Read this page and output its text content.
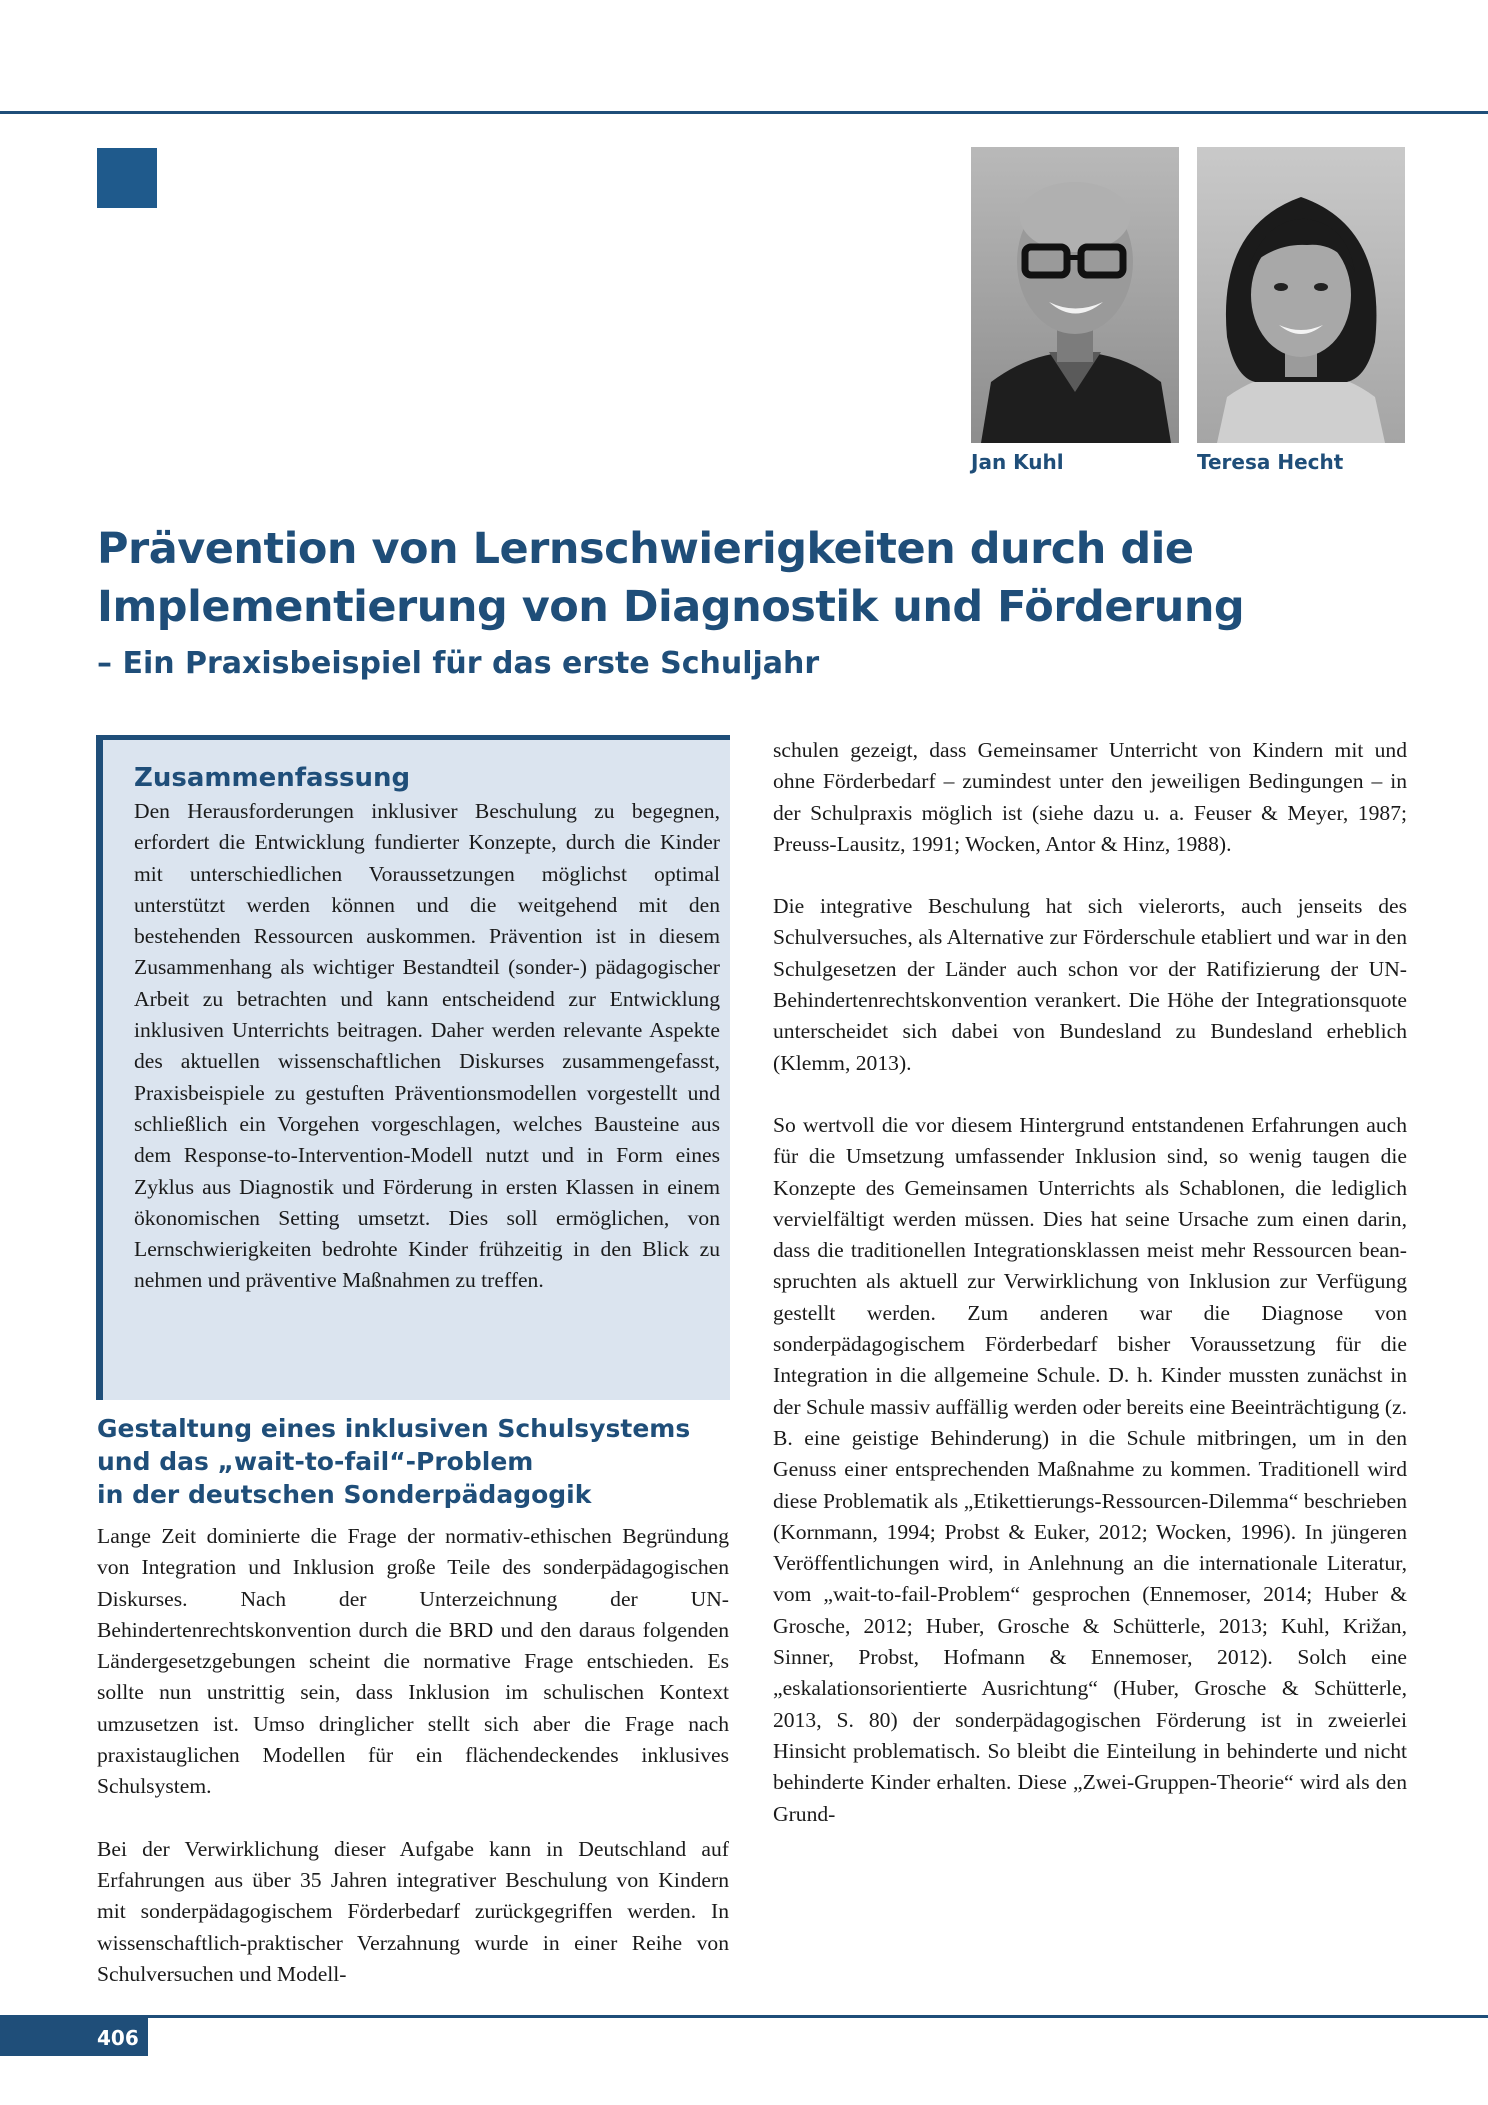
Jan Kuhl	Teresa Hecht
Prävention von Lernschwierigkeiten durch die Implementierung von Diagnostik und Förderung
– Ein Praxisbeispiel für das erste Schuljahr
Zusammenfassung

Den Herausforderungen inklusiver Beschulung zu begegnen, erfordert die Entwicklung fundierter Konzepte, durch die Kinder mit unterschiedlichen Voraussetzungen möglichst optimal unterstützt werden können und die weitgehend mit den bestehenden Ressourcen auskommen. Prävention ist in diesem Zusammenhang als wichtiger Bestandteil (sonder-) pädagogischer Arbeit zu betrachten und kann entscheidend zur Entwicklung inklusiven Unterrichts beitragen. Daher werden relevante Aspekte des aktuellen wissenschaftlichen Diskurses zusammengefasst, Praxisbeispiele zu gestuften Präventionsmodellen vorgestellt und schließlich ein Vorgehen vorgeschlagen, welches Bausteine aus dem Response-to-Intervention-Modell nutzt und in Form eines Zyklus aus Diagnostik und Förderung in ersten Klassen in einem ökonomischen Setting umsetzt. Dies soll ermöglichen, von Lernschwierigkeiten bedrohte Kinder frühzeitig in den Blick zu nehmen und präventive Maßnahmen zu treffen.

Gestaltung eines inklusiven Schulsystems
und das „wait-to-fail“-Problem
in der deutschen Sonderpädagogik

Lange Zeit dominierte die Frage der normativ-ethischen Begründung von Integration und Inklusion große Teile des sonderpädagogischen Diskurses. Nach der Unterzeichnung der UN-Behindertenrechtskonvention durch die BRD und den daraus folgenden Ländergesetzgebungen scheint die normative Frage entschieden. Es sollte nun unstrittig sein, dass Inklusion im schulischen Kontext umzusetzen ist. Umso dringlicher stellt sich aber die Frage nach praxistauglichen Modellen für ein flächendeckendes inklusives Schulsystem.

Bei der Verwirklichung dieser Aufgabe kann in Deutschland auf Erfahrungen aus über 35 Jahren integrativer Beschulung von Kindern mit sonderpädagogischem Förderbedarf zurückgegriffen werden. In wissenschaftlich-praktischer Verzahnung wurde in einer Reihe von Schulversuchen und Modell-

schulen gezeigt, dass Gemeinsamer Unterricht von Kindern mit und ohne Förderbedarf – zumindest unter den jeweiligen Bedingungen – in der Schulpraxis möglich ist (siehe dazu u. a. Feuser & Meyer, 1987; Preuss-Lausitz, 1991; Wocken, Antor & Hinz, 1988).

Die integrative Beschulung hat sich vielerorts, auch jenseits des Schulversuches, als Alternative zur Förderschule etabliert und war in den Schulgesetzen der Länder auch schon vor der Ratifizierung der UN-Behindertenrechtskonvention verankert. Die Höhe der Integrationsquote unterscheidet sich dabei von Bundesland zu Bundesland erheblich (Klemm, 2013).

So wertvoll die vor diesem Hintergrund entstandenen Erfahrungen auch für die Umsetzung umfassender Inklusion sind, so wenig taugen die Konzepte des Gemeinsamen Unterrichts als Schablonen, die lediglich vervielfältigt werden müssen. Dies hat seine Ursache zum einen darin, dass die traditionellen Integrationsklassen meist mehr Ressourcen beanspruchten als aktuell zur Verwirklichung von Inklusion zur Verfügung gestellt werden. Zum anderen war die Diagnose von sonderpädagogischem Förderbedarf bisher Voraussetzung für die Integration in die allgemeine Schule. D. h. Kinder mussten zunächst in der Schule massiv auffällig werden oder bereits eine Beeinträchtigung (z. B. eine geistige Behinderung) in die Schule mitbringen, um in den Genuss einer entsprechenden Maßnahme zu kommen. Traditionell wird diese Problematik als „Etikettierungs-Ressourcen-Dilemma“ beschrieben (Kornmann, 1994; Probst & Euker, 2012; Wocken, 1996). In jüngeren Veröffentlichungen wird, in Anlehnung an die internationale Literatur, vom „wait-to-fail-Problem“ gesprochen (Ennemoser, 2014; Huber & Grosche, 2012; Huber, Grosche & Schütterle, 2013; Kuhl, Križan, Sinner, Probst, Hofmann & Ennemoser, 2012). Solch eine „eskalationsorientierte Ausrichtung“ (Huber, Grosche & Schütterle, 2013, S. 80) der sonderpädagogischen Förderung ist in zweierlei Hinsicht problematisch. So bleibt die Einteilung in behinderte und nicht behinderte Kinder erhalten. Diese „Zwei-Gruppen-Theorie“ wird als den Grund-

406
